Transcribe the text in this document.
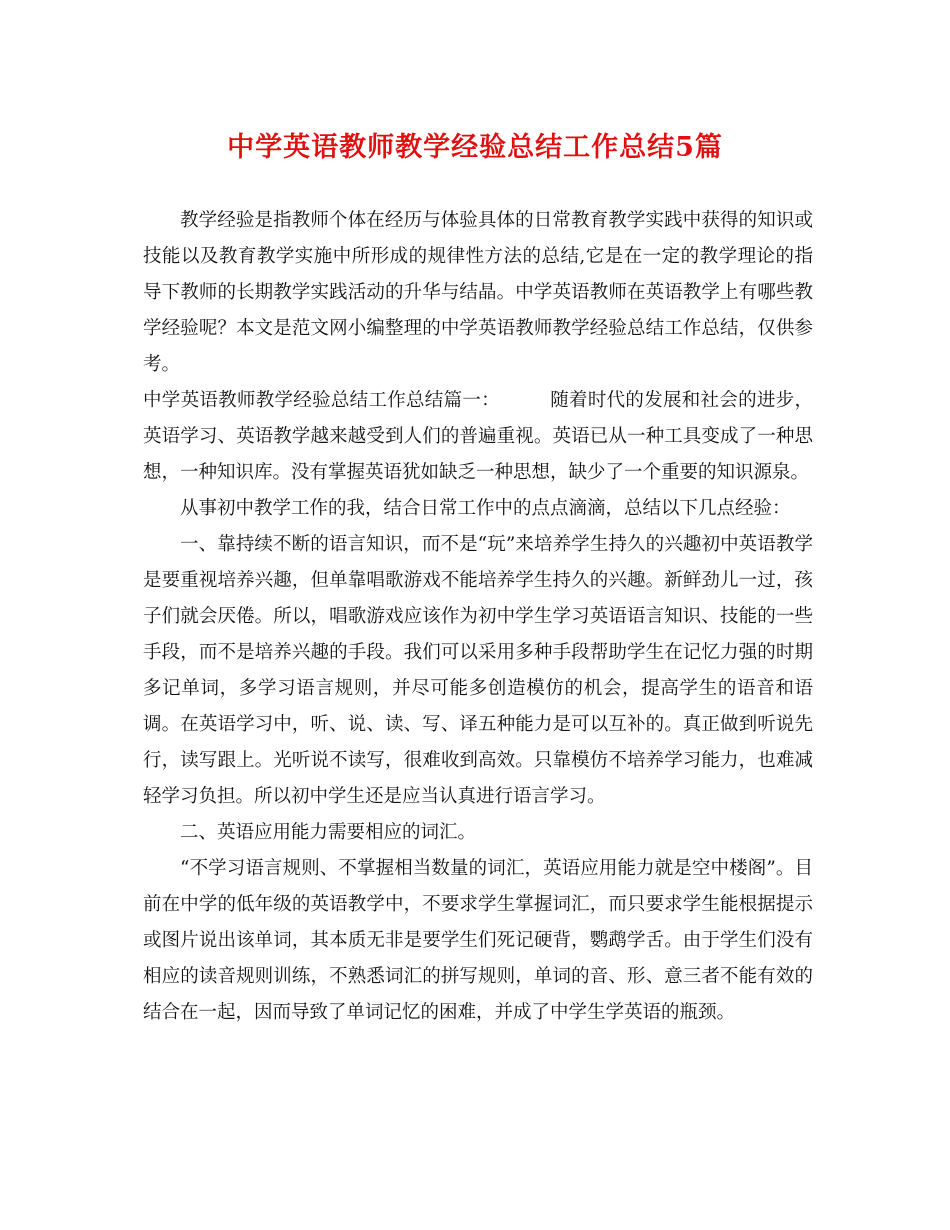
中学英语教师教学经验总结工作总结5篇

教学经验是指教师个体在经历与体验具体的日常教育教学实践中获得的知识或技能以及教育教学实施中所形成的规律性方法的总结,它是在一定的教学理论的指导下教师的长期教学实践活动的升华与结晶。中学英语教师在英语教学上有哪些教学经验呢？本文是范文网小编整理的中学英语教师教学经验总结工作总结，仅供参考。

中学英语教师教学经验总结工作总结篇一：	随着时代的发展和社会的进步，英语学习、英语教学越来越受到人们的普遍重视。英语已从一种工具变成了一种思想，一种知识库。没有掌握英语犹如缺乏一种思想，缺少了一个重要的知识源泉。

从事初中教学工作的我，结合日常工作中的点点滴滴，总结以下几点经验：

一、靠持续不断的语言知识，而不是“玩”来培养学生持久的兴趣初中英语教学是要重视培养兴趣，但单靠唱歌游戏不能培养学生持久的兴趣。新鲜劲儿一过，孩子们就会厌倦。所以，唱歌游戏应该作为初中学生学习英语语言知识、技能的一些手段，而不是培养兴趣的手段。我们可以采用多种手段帮助学生在记忆力强的时期多记单词，多学习语言规则，并尽可能多创造模仿的机会，提高学生的语音和语调。在英语学习中，听、说、读、写、译五种能力是可以互补的。真正做到听说先行，读写跟上。光听说不读写，很难收到高效。只靠模仿不培养学习能力，也难减轻学习负担。所以初中学生还是应当认真进行语言学习。

二、英语应用能力需要相应的词汇。

“不学习语言规则、不掌握相当数量的词汇，英语应用能力就是空中楼阁”。目前在中学的低年级的英语教学中，不要求学生掌握词汇，而只要求学生能根据提示或图片说出该单词，其本质无非是要学生们死记硬背，鹦鹉学舌。由于学生们没有相应的读音规则训练，不熟悉词汇的拼写规则，单词的音、形、意三者不能有效的结合在一起，因而导致了单词记忆的困难，并成了中学生学英语的瓶颈。
